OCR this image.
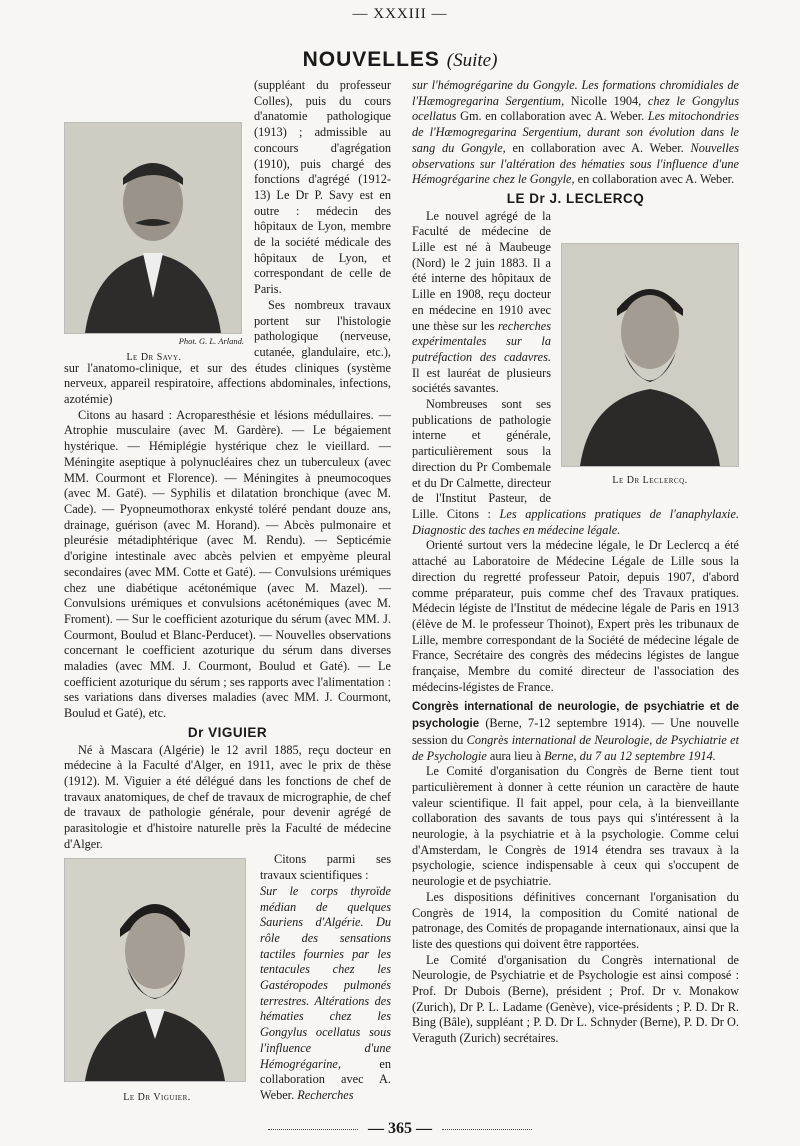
— XXXIII —
NOUVELLES (Suite)
Phot. G. L. Arland.
Le Dr Savy.

(suppléant du professeur Colles), puis du cours d'anatomie pathologique (1913) ; admissible au concours d'agrégation (1910), puis chargé des fonctions d'agrégé (1912-13) Le Dr P. Savy est en outre : médecin des hôpitaux de Lyon, membre de la société médicale des hôpitaux de Lyon, et correspondant de celle de Paris.

Ses nombreux travaux portent sur l'histologie pathologique (nerveuse, cutanée, glandulaire, etc.), sur l'anatomo-clinique, et sur des études cliniques (système nerveux, appareil respiratoire, affections abdominales, infections, azotémie)

Citons au hasard : Acroparesthésie et lésions médullaires. — Atrophie musculaire (avec M. Gardère). — Le bégaiement hystérique. — Hémiplégie hystérique chez le vieillard. — Méningite aseptique à polynucléaires chez un tuberculeux (avec MM. Courmont et Florence). — Méningites à pneumocoques (avec M. Gaté). — Syphilis et dilatation bronchique (avec M. Cade). — Pyopneumothorax enkysté toléré pendant douze ans, drainage, guérison (avec M. Horand). — Abcès pulmonaire et pleurésie métadiphtérique (avec M. Rendu). — Septicémie d'origine intestinale avec abcès pelvien et empyème pleural secondaires (avec MM. Cotte et Gaté). — Convulsions urémiques chez une diabétique acétonémique (avec M. Mazel). — Convulsions urémiques et convulsions acétonémiques (avec M. Froment). — Sur le coefficient azoturique du sérum (avec MM. J. Courmont, Boulud et Blanc-Perducet). — Nouvelles observations concernant le coefficient azoturique du sérum dans diverses maladies (avec MM. J. Courmont, Boulud et Gaté). — Le coefficient azoturique du sérum ; ses rapports avec l'alimentation : ses variations dans diverses maladies (avec MM. J. Courmont, Boulud et Gaté), etc.

Dr VIGUIER

Né à Mascara (Algérie) le 12 avril 1885, reçu docteur en médecine à la Faculté d'Alger, en 1911, avec le prix de thèse (1912). M. Viguier a été délégué dans les fonctions de chef de travaux anatomiques, de chef de travaux de micrographie, de chef de travaux de pathologie générale, pour devenir agrégé de parasitologie et d'histoire naturelle près la Faculté de médecine d'Alger.

Le Dr Viguier.

Citons parmi ses travaux scientifiques :

Sur le corps thyroïde médian de quelques Sauriens d'Algérie. Du rôle des sensations tactiles fournies par les tentacules chez les Gastéropodes pulmonés terrestres. Altérations des hématies chez les Gongylus ocellatus sous l'influence d'une Hémogrégarine,	en collaboration avec A. Weber. Recherches

sur l'hémogrégarine du Gongyle. Les formations chromidiales de l'Hæmogregarina Sergentium, Nicolle 1904, chez le Gongylus ocellatus Gm. en collaboration avec A. Weber. Les mitochondries de l'Hæmogregarina Sergentium, durant son évolution dans le sang du Gongyle, en collaboration avec A. Weber. Nouvelles observations sur l'altération des hématies sous l'influence d'une Hémogrégarine chez le Gongyle, en collaboration avec A. Weber.

LE Dr J. LECLERCQ
Le Dr Leclercq.

Le nouvel agrégé de la Faculté de médecine de Lille est né à Maubeuge (Nord) le 2 juin 1883. Il a été interne des hôpitaux de Lille en 1908, reçu docteur en médecine en 1910 avec une thèse sur les recherches expérimentales sur la putréfaction des cadavres. Il est lauréat de plusieurs sociétés savantes.

Nombreuses sont ses publications de pathologie interne et générale, particulièrement sous la direction du Pr Combemale et du Dr Calmette, directeur de l'Institut Pasteur, de Lille. Citons : Les applications pratiques de l'anaphylaxie. Diagnostic des taches en médecine légale.

Orienté surtout vers la médecine légale, le Dr Leclercq a été attaché au Laboratoire de Médecine Légale de Lille sous la direction du regretté professeur Patoir, depuis 1907, d'abord comme préparateur, puis comme chef des Travaux pratiques. Médecin légiste de l'Institut de médecine légale de Paris en 1913 (élève de M. le professeur Thoinot), Expert près les tribunaux de Lille, membre correspondant de la Société de médecine légale de France, Secrétaire des congrès des médecins légistes de langue française, Membre du comité directeur de l'association des médecins-légistes de France.

Congrès international de neurologie, de psychiatrie et de psychologie (Berne, 7-12 septembre 1914). — Une nouvelle session du Congrès international de Neurologie, de Psychiatrie et de Psychologie aura lieu à Berne, du 7 au 12 septembre 1914.

Le Comité d'organisation du Congrès de Berne tient tout particulièrement à donner à cette réunion un caractère de haute valeur scientifique. Il fait appel, pour cela, à la bienveillante collaboration des savants de tous pays qui s'intéressent à la neurologie, à la psychiatrie et à la psychologie. Comme celui d'Amsterdam, le Congrès de 1914 étendra ses travaux à la psychologie, science indispensable à ceux qui s'occupent de neurologie et de psychiatrie.

Les dispositions définitives concernant l'organisation du Congrès de 1914, la composition du Comité national de patronage, des Comités de propagande internationaux, ainsi que la liste des questions qui doivent être rapportées.

Le Comité d'organisation du Congrès international de Neurologie, de Psychiatrie et de Psychologie est ainsi composé : Prof. Dr Dubois (Berne), président ; Prof. Dr v. Monakow (Zurich), Dr P. L. Ladame (Genève), vice-présidents ; P. D. Dr R. Bing (Bâle), suppléant ; P. D. Dr L. Schnyder (Berne), P. D. Dr O. Veraguth (Zurich) secrétaires.

— 365 —
